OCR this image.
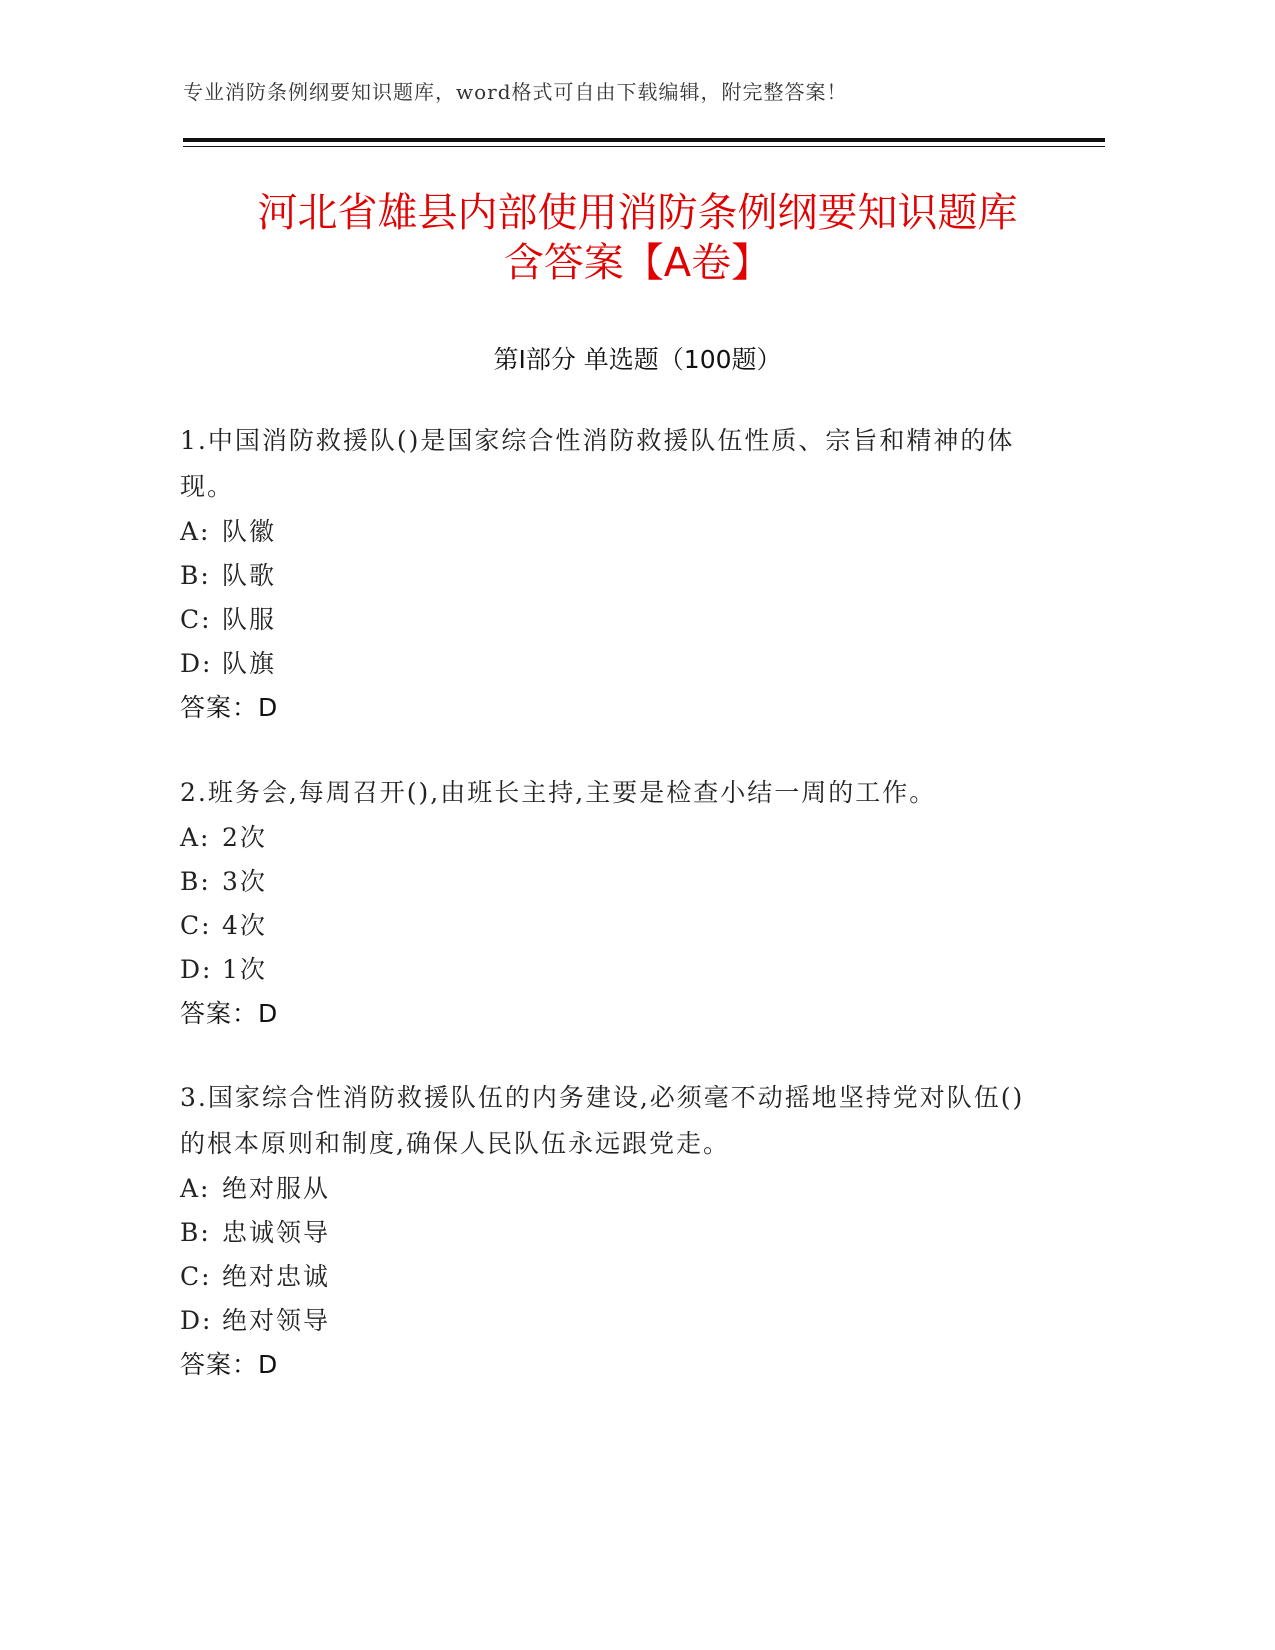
专业消防条例纲要知识题库，word格式可自由下载编辑，附完整答案！
河北省雄县内部使用消防条例纲要知识题库
含答案【A卷】
第I部分 单选题（100题）
1.中国消防救援队()是国家综合性消防救援队伍性质、宗旨和精神的体现。
A: 队徽
B: 队歌
C: 队服
D: 队旗
答案：D
2.班务会,每周召开(),由班长主持,主要是检查小结一周的工作。
A: 2次
B: 3次
C: 4次
D: 1次
答案：D
3.国家综合性消防救援队伍的内务建设,必须毫不动摇地坚持党对队伍()的根本原则和制度,确保人民队伍永远跟党走。
A: 绝对服从
B: 忠诚领导
C: 绝对忠诚
D: 绝对领导
答案：D
